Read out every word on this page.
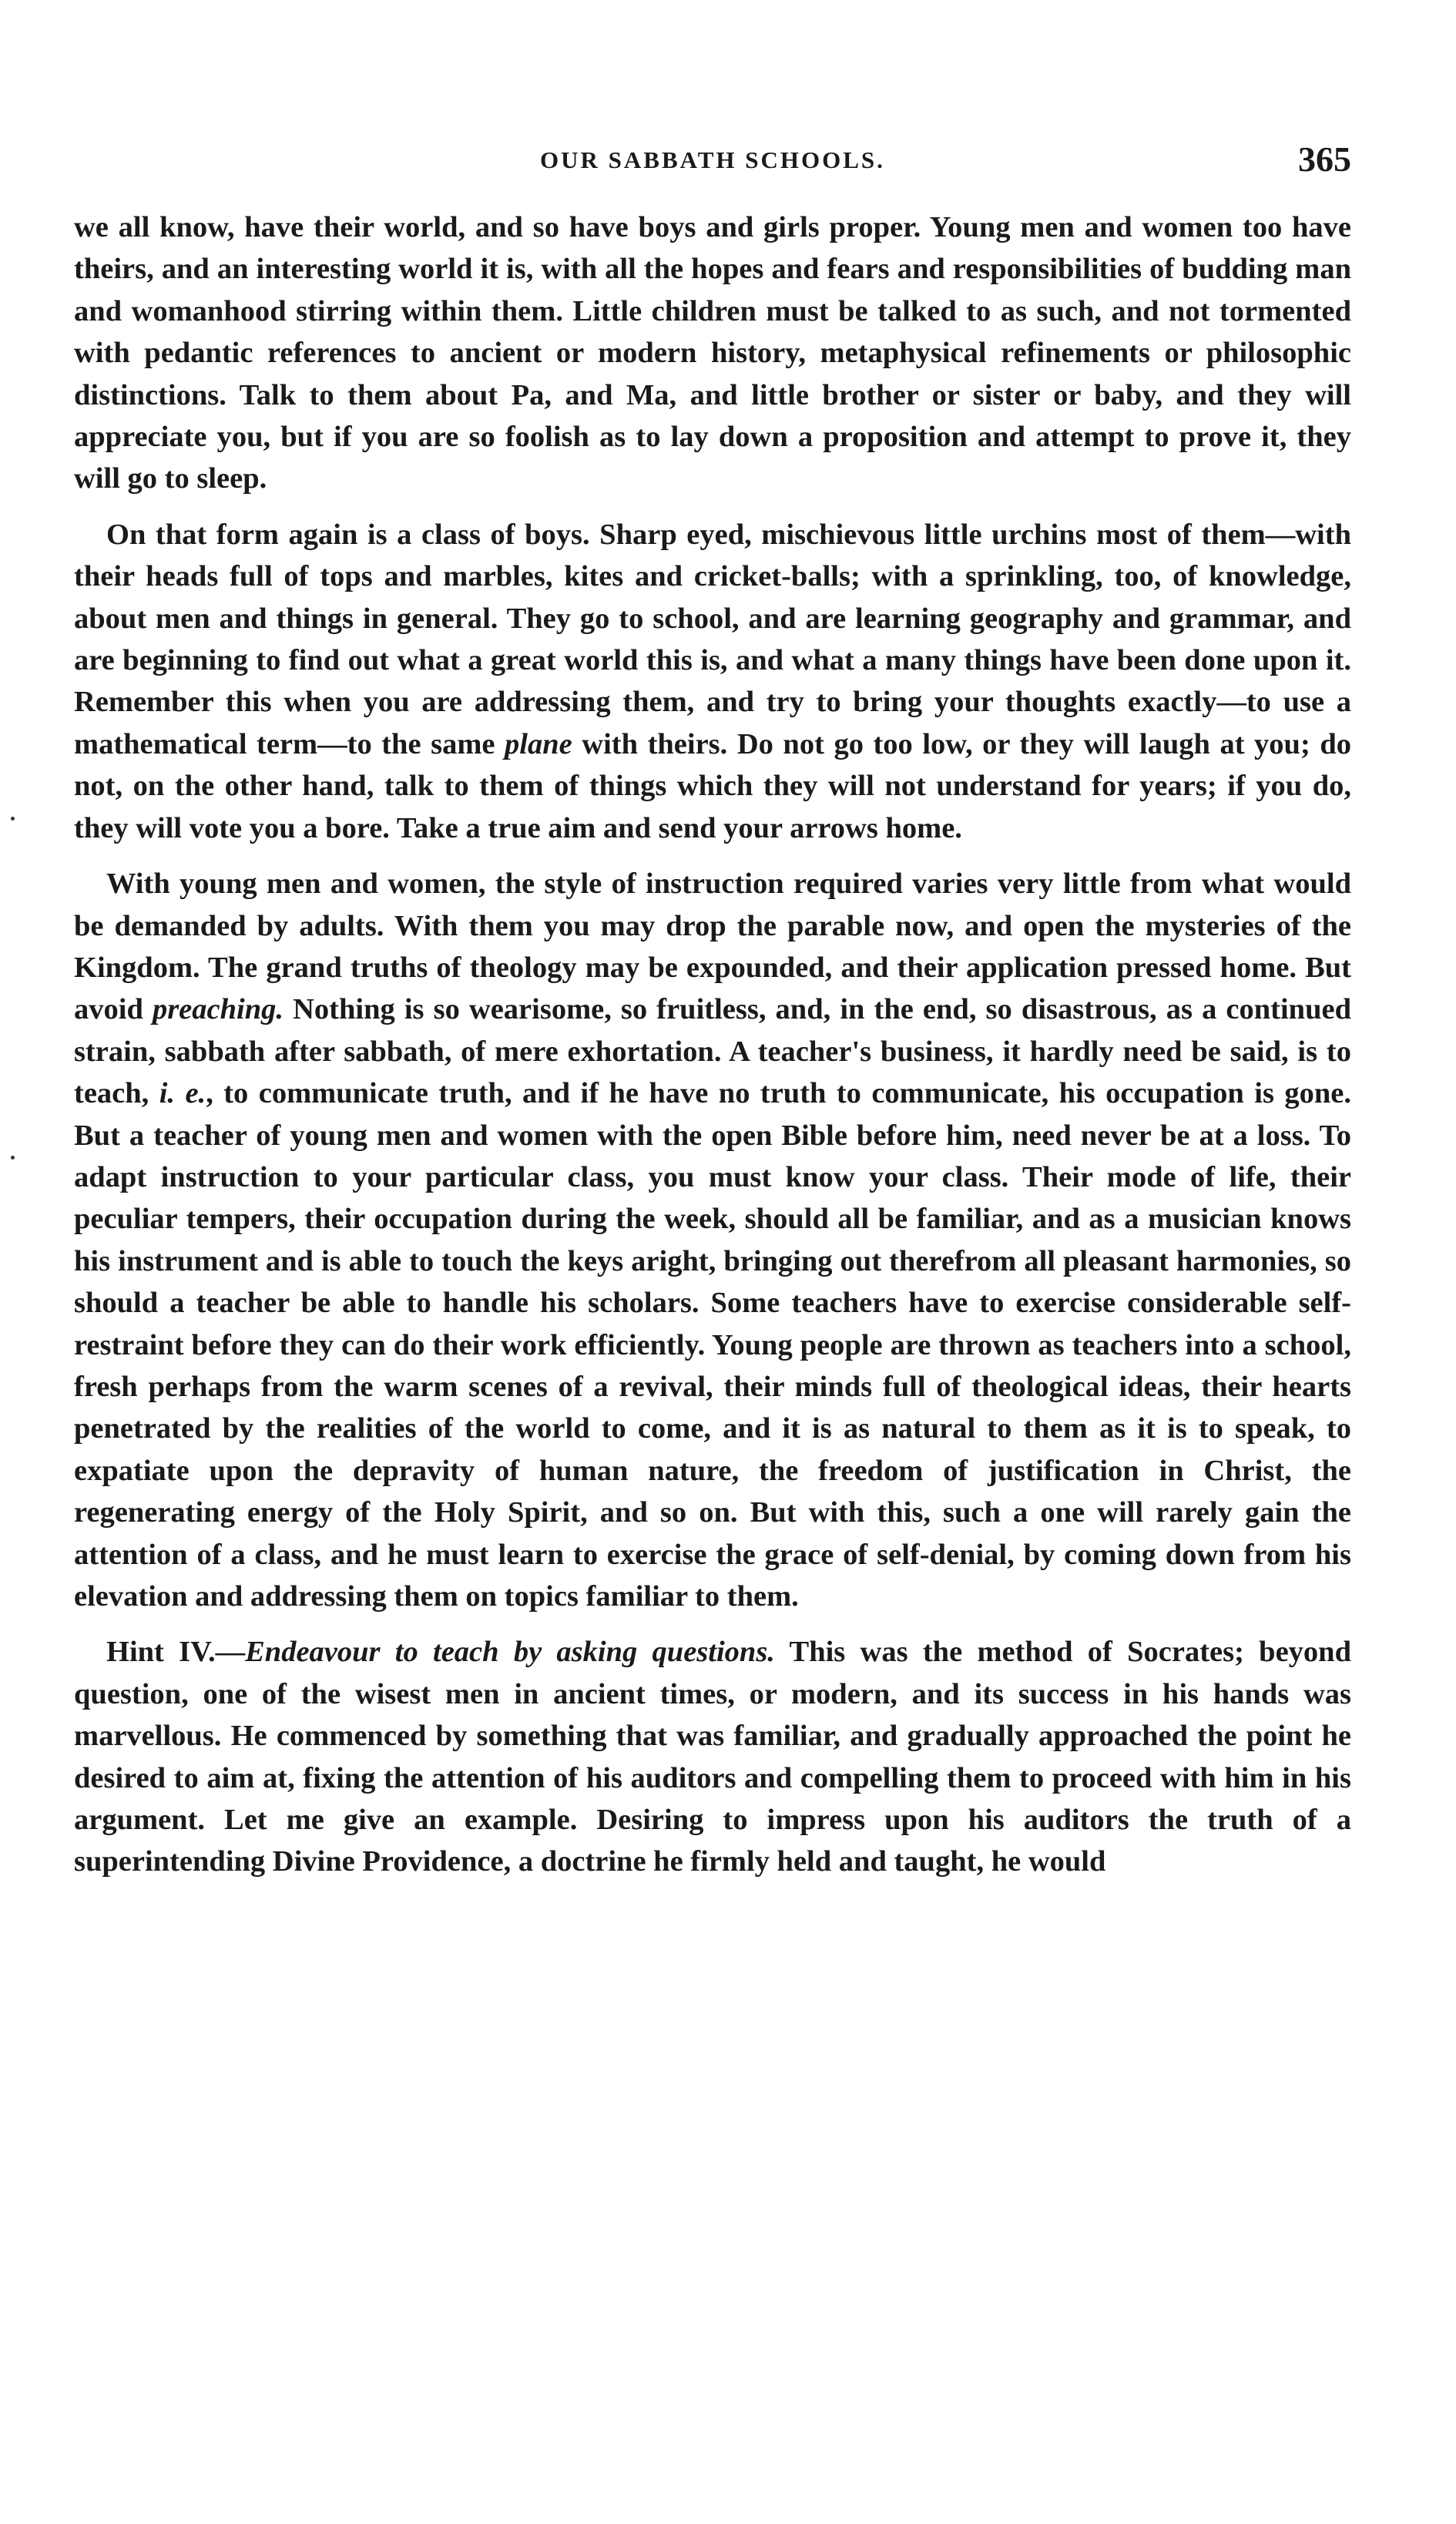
OUR SABBATH SCHOOLS.	365

we all know, have their world, and so have boys and girls proper. Young men and women too have theirs, and an interesting world it is, with all the hopes and fears and responsibilities of budding man and womanhood stirring within them. Little children must be talked to as such, and not tormented with pedantic references to ancient or modern history, metaphysical refinements or philosophic distinctions. Talk to them about Pa, and Ma, and little brother or sister or baby, and they will appreciate you, but if you are so foolish as to lay down a proposition and attempt to prove it, they will go to sleep.

On that form again is a class of boys. Sharp eyed, mischievous little urchins most of them—with their heads full of tops and marbles, kites and cricket-balls; with a sprinkling, too, of knowledge, about men and things in general. They go to school, and are learning geography and grammar, and are beginning to find out what a great world this is, and what a many things have been done upon it. Remember this when you are addressing them, and try to bring your thoughts exactly—to use a mathematical term—to the same plane with theirs. Do not go too low, or they will laugh at you; do not, on the other hand, talk to them of things which they will not understand for years; if you do, they will vote you a bore. Take a true aim and send your arrows home.

With young men and women, the style of instruction required varies very little from what would be demanded by adults. With them you may drop the parable now, and open the mysteries of the Kingdom. The grand truths of theology may be expounded, and their application pressed home. But avoid preaching. Nothing is so wearisome, so fruitless, and, in the end, so disastrous, as a continued strain, sabbath after sabbath, of mere exhortation. A teacher's business, it hardly need be said, is to teach, i. e., to communicate truth, and if he have no truth to communicate, his occupation is gone. But a teacher of young men and women with the open Bible before him, need never be at a loss. To adapt instruction to your particular class, you must know your class. Their mode of life, their peculiar tempers, their occupation during the week, should all be familiar, and as a musician knows his instrument and is able to touch the keys aright, bringing out therefrom all pleasant harmonies, so should a teacher be able to handle his scholars. Some teachers have to exercise considerable self-restraint before they can do their work efficiently. Young people are thrown as teachers into a school, fresh perhaps from the warm scenes of a revival, their minds full of theological ideas, their hearts penetrated by the realities of the world to come, and it is as natural to them as it is to speak, to expatiate upon the depravity of human nature, the freedom of justification in Christ, the regenerating energy of the Holy Spirit, and so on. But with this, such a one will rarely gain the attention of a class, and he must learn to exercise the grace of self-denial, by coming down from his elevation and addressing them on topics familiar to them.

Hint IV.—Endeavour to teach by asking questions. This was the method of Socrates; beyond question, one of the wisest men in ancient times, or modern, and its success in his hands was marvellous. He commenced by something that was familiar, and gradually approached the point he desired to aim at, fixing the attention of his auditors and compelling them to proceed with him in his argument. Let me give an example. Desiring to impress upon his auditors the truth of a superintending Divine Providence, a doctrine he firmly held and taught, he would
